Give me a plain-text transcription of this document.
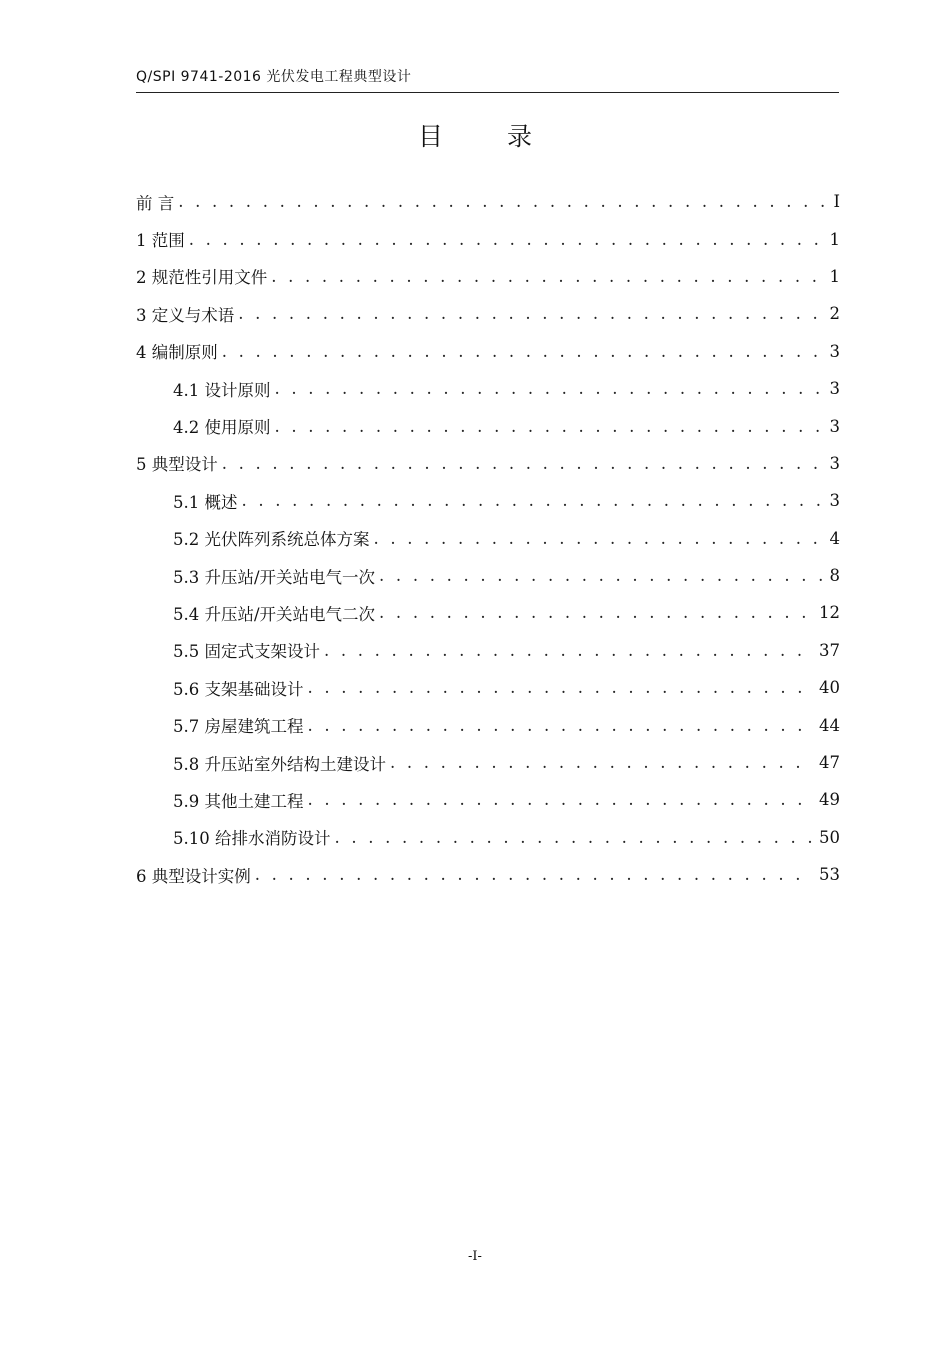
Q/SPI 9741-2016 光伏发电工程典型设计
目 录
前 言 . . .	I
1 范围 . . .	1
2 规范性引用文件 . . .	1
3 定义与术语 . . .	2
4 编制原则 . . .	3
4.1 设计原则 . . .	3
4.2 使用原则 . . .	3
5 典型设计 . . .	3
5.1 概述 . . .	3
5.2 光伏阵列系统总体方案 . . .	4
5.3 升压站/开关站电气一次 . . .	8
5.4 升压站/开关站电气二次 . . .	12
5.5 固定式支架设计 . . .	37
5.6 支架基础设计 . . .	40
5.7 房屋建筑工程 . . .	44
5.8 升压站室外结构土建设计 . . .	47
5.9 其他土建工程 . . .	49
5.10 给排水消防设计 . . .	50
6 典型设计实例 . . .	53
-I-
